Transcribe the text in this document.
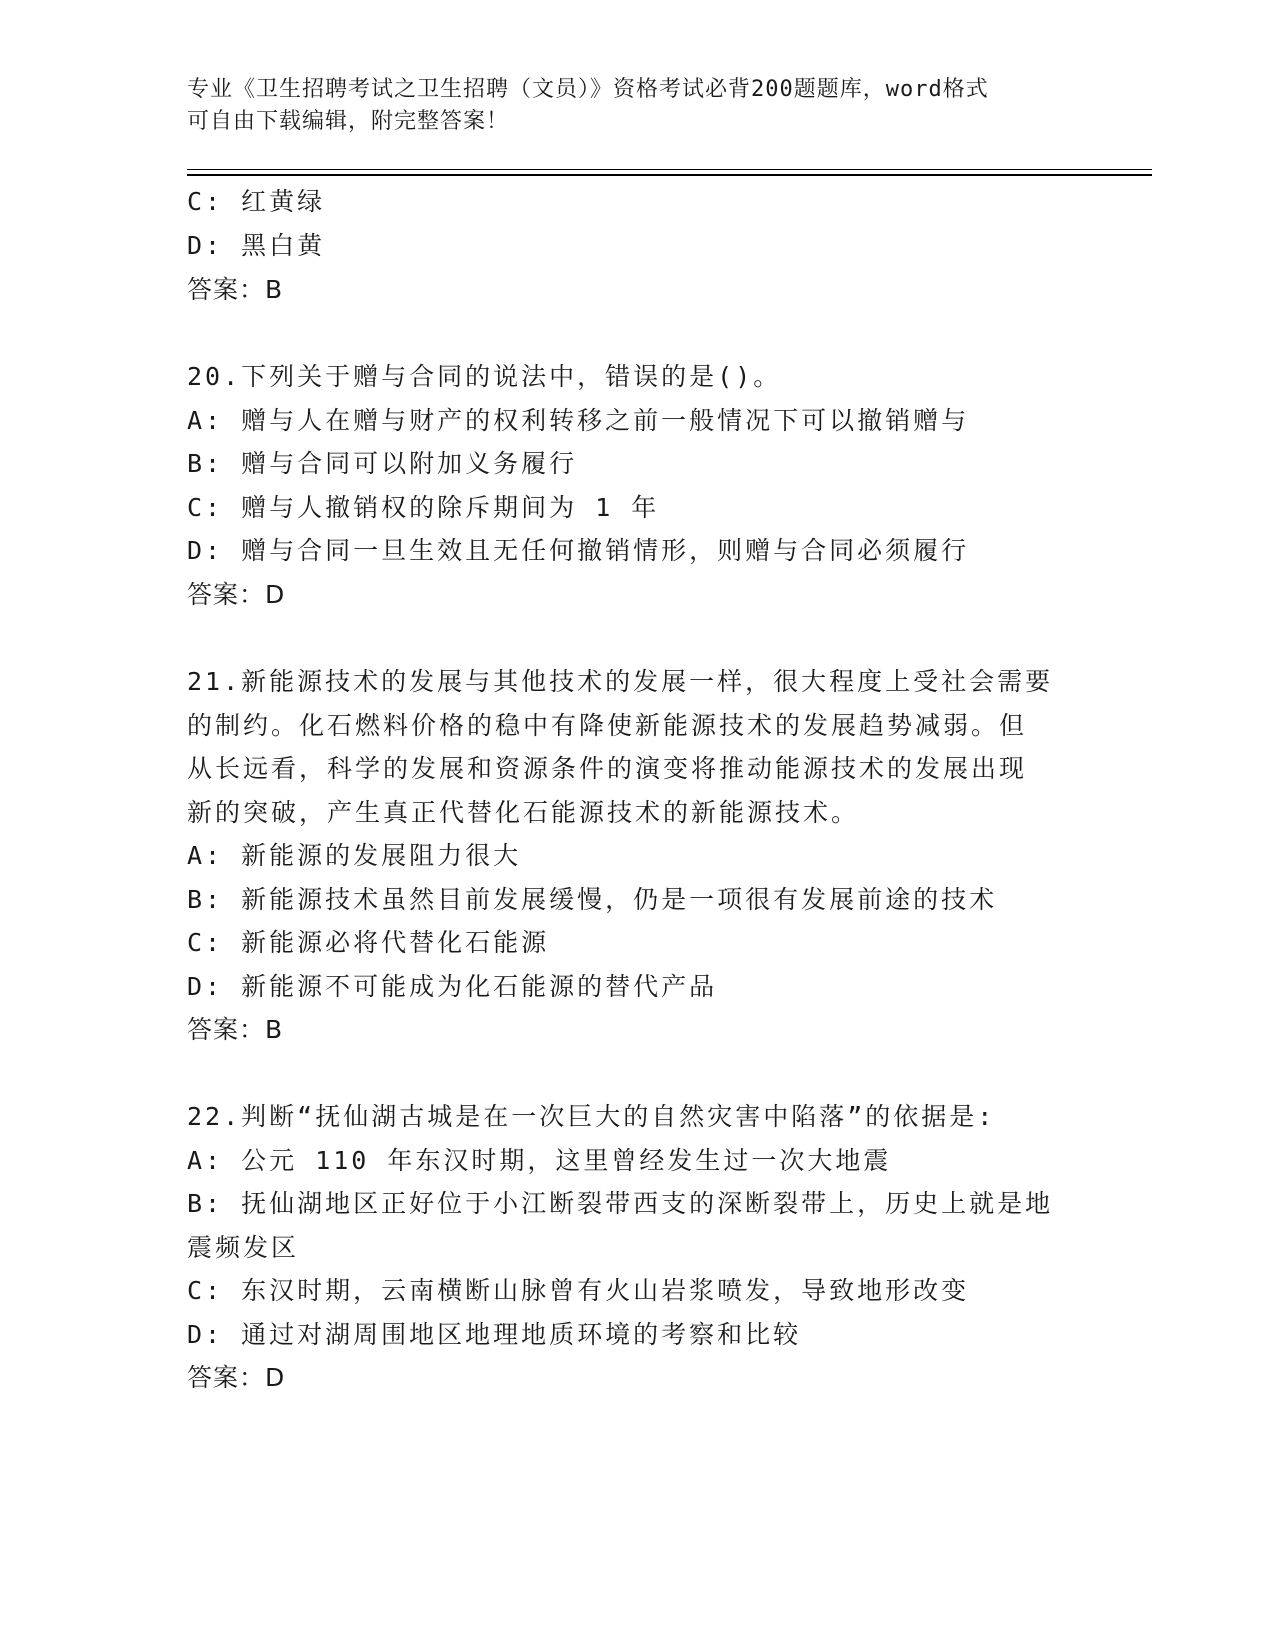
专业《卫生招聘考试之卫生招聘（文员）》资格考试必背200题题库，word格式
可自由下载编辑，附完整答案！
C: 红黄绿
D: 黑白黄
答案：B
20.下列关于赠与合同的说法中，错误的是()。
A: 赠与人在赠与财产的权利转移之前一般情况下可以撤销赠与
B: 赠与合同可以附加义务履行
C: 赠与人撤销权的除斥期间为 1 年
D: 赠与合同一旦生效且无任何撤销情形，则赠与合同必须履行
答案：D
21.新能源技术的发展与其他技术的发展一样，很大程度上受社会需要
的制约。化石燃料价格的稳中有降使新能源技术的发展趋势减弱。但
从长远看，科学的发展和资源条件的演变将推动能源技术的发展出现
新的突破，产生真正代替化石能源技术的新能源技术。
A: 新能源的发展阻力很大
B: 新能源技术虽然目前发展缓慢，仍是一项很有发展前途的技术
C: 新能源必将代替化石能源
D: 新能源不可能成为化石能源的替代产品
答案：B
22.判断“抚仙湖古城是在一次巨大的自然灾害中陷落”的依据是:
A: 公元 110 年东汉时期，这里曾经发生过一次大地震
B: 抚仙湖地区正好位于小江断裂带西支的深断裂带上，历史上就是地
震频发区
C: 东汉时期，云南横断山脉曾有火山岩浆喷发，导致地形改变
D: 通过对湖周围地区地理地质环境的考察和比较
答案：D
